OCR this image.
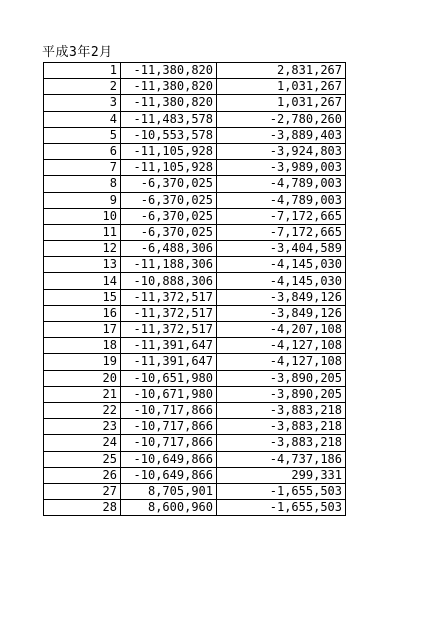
平成3年2月
1	-11,380,820	2,831,267
2	-11,380,820	1,031,267
3	-11,380,820	1,031,267
4	-11,483,578	-2,780,260
5	-10,553,578	-3,889,403
6	-11,105,928	-3,924,803
7	-11,105,928	-3,989,003
8	-6,370,025	-4,789,003
9	-6,370,025	-4,789,003
10	-6,370,025	-7,172,665
11	-6,370,025	-7,172,665
12	-6,488,306	-3,404,589
13	-11,188,306	-4,145,030
14	-10,888,306	-4,145,030
15	-11,372,517	-3,849,126
16	-11,372,517	-3,849,126
17	-11,372,517	-4,207,108
18	-11,391,647	-4,127,108
19	-11,391,647	-4,127,108
20	-10,651,980	-3,890,205
21	-10,671,980	-3,890,205
22	-10,717,866	-3,883,218
23	-10,717,866	-3,883,218
24	-10,717,866	-3,883,218
25	-10,649,866	-4,737,186
26	-10,649,866	299,331
27	8,705,901	-1,655,503
28	8,600,960	-1,655,503
